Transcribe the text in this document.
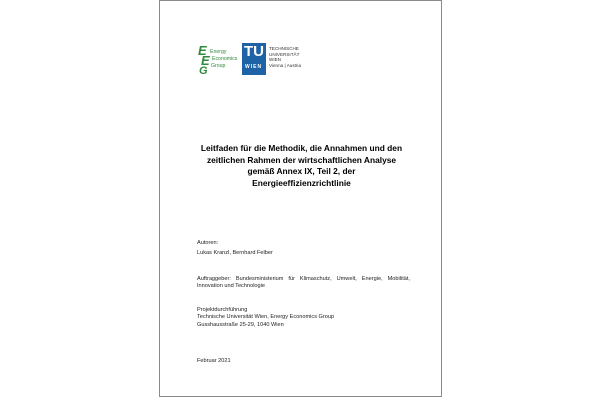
E
E
G
Energy
Economics
Group
TU
WIEN
TECHNISCHE
UNIVERSITÄT
WIEN
Vienna | Austria
Leitfaden für die Methodik, die Annahmen und den
zeitlichen Rahmen der wirtschaftlichen Analyse
gemäß Annex IX, Teil 2, der
Energieeffizienzrichtlinie
Autoren:
Lukas Kranzl, Bernhard Felber
Auftraggeber: Bundesministerium für Klimaschutz, Umwelt, Energie, Mobilität, Innovation und Technologie
Projektdurchführung
Technische Universität Wien, Energy Economics Group
Gusshausstraße 25-29, 1040 Wien
Februar 2021
